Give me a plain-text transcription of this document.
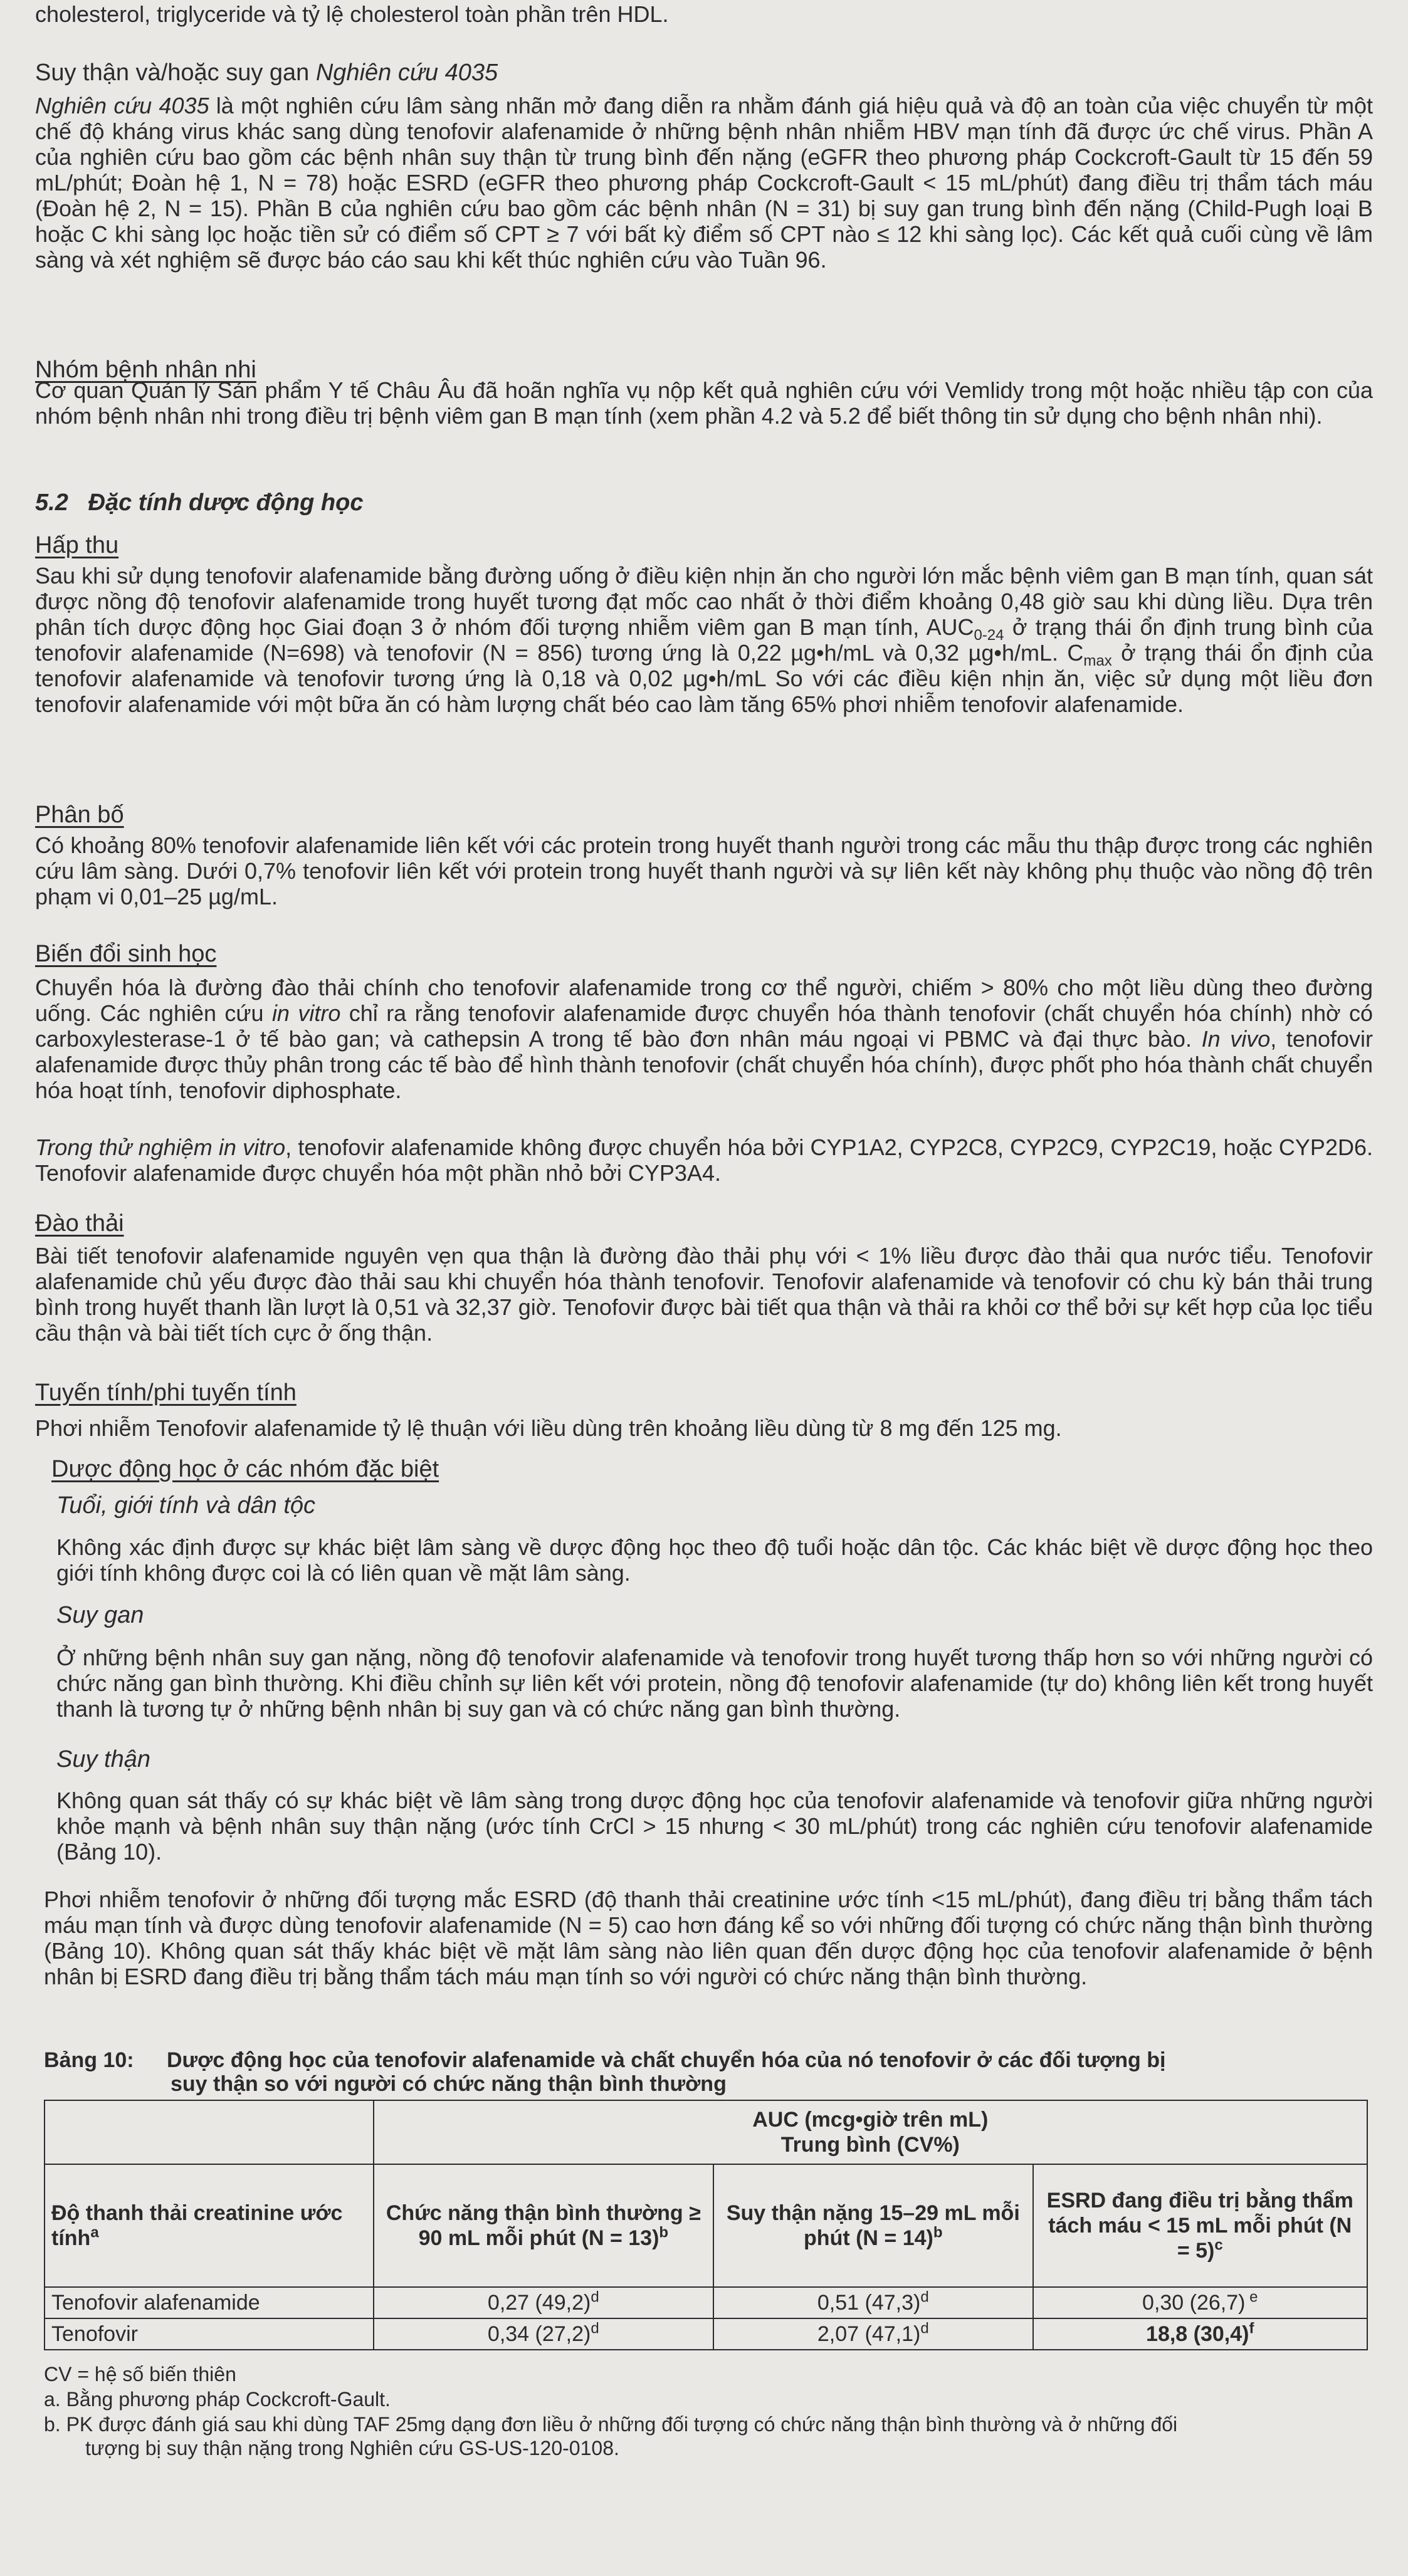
cholesterol, triglyceride và tỷ lệ cholesterol toàn phần trên HDL.

Suy thận và/hoặc suy gan Nghiên cứu 4035

Nghiên cứu 4035 là một nghiên cứu lâm sàng nhãn mở đang diễn ra nhằm đánh giá hiệu quả và độ an toàn của việc chuyển từ một chế độ kháng virus khác sang dùng tenofovir alafenamide ở những bệnh nhân nhiễm HBV mạn tính đã được ức chế virus. Phần A của nghiên cứu bao gồm các bệnh nhân suy thận từ trung bình đến nặng (eGFR theo phương pháp Cockcroft-Gault từ 15 đến 59 mL/phút; Đoàn hệ 1, N = 78) hoặc ESRD (eGFR theo phương pháp Cockcroft-Gault < 15 mL/phút) đang điều trị thẩm tách máu (Đoàn hệ 2, N = 15). Phần B của nghiên cứu bao gồm các bệnh nhân (N = 31) bị suy gan trung bình đến nặng (Child-Pugh loại B hoặc C khi sàng lọc hoặc tiền sử có điểm số CPT ≥ 7 với bất kỳ điểm số CPT nào ≤ 12 khi sàng lọc). Các kết quả cuối cùng về lâm sàng và xét nghiệm sẽ được báo cáo sau khi kết thúc nghiên cứu vào Tuần 96.

Nhóm bệnh nhân nhi

Cơ quan Quản lý Sản phẩm Y tế Châu Âu đã hoãn nghĩa vụ nộp kết quả nghiên cứu với Vemlidy trong một hoặc nhiều tập con của nhóm bệnh nhân nhi trong điều trị bệnh viêm gan B mạn tính (xem phần 4.2 và 5.2 để biết thông tin sử dụng cho bệnh nhân nhi).

5.2 Đặc tính dược động học

Hấp thu

Sau khi sử dụng tenofovir alafenamide bằng đường uống ở điều kiện nhịn ăn cho người lớn mắc bệnh viêm gan B mạn tính, quan sát được nồng độ tenofovir alafenamide trong huyết tương đạt mốc cao nhất ở thời điểm khoảng 0,48 giờ sau khi dùng liều. Dựa trên phân tích dược động học Giai đoạn 3 ở nhóm đối tượng nhiễm viêm gan B mạn tính, $AUC_{0-24}$ ở trạng thái ổn định trung bình của tenofovir alafenamide (N=698) và tenofovir (N = 856) tương ứng là 0,22 µg•h/mL và 0,32 µg•h/mL. $C_{max}$ ở trạng thái ổn định của tenofovir alafenamide và tenofovir tương ứng là 0,18 và 0,02 µg•h/mL So với các điều kiện nhịn ăn, việc sử dụng một liều đơn tenofovir alafenamide với một bữa ăn có hàm lượng chất béo cao làm tăng 65% phơi nhiễm tenofovir alafenamide.

Phân bố

Có khoảng 80% tenofovir alafenamide liên kết với các protein trong huyết thanh người trong các mẫu thu thập được trong các nghiên cứu lâm sàng. Dưới 0,7% tenofovir liên kết với protein trong huyết thanh người và sự liên kết này không phụ thuộc vào nồng độ trên phạm vi 0,01–25 µg/mL.

Biến đổi sinh học

Chuyển hóa là đường đào thải chính cho tenofovir alafenamide trong cơ thể người, chiếm > 80% cho một liều dùng theo đường uống. Các nghiên cứu in vitro chỉ ra rằng tenofovir alafenamide được chuyển hóa thành tenofovir (chất chuyển hóa chính) nhờ có carboxylesterase-1 ở tế bào gan; và cathepsin A trong tế bào đơn nhân máu ngoại vi PBMC và đại thực bào. In vivo, tenofovir alafenamide được thủy phân trong các tế bào để hình thành tenofovir (chất chuyển hóa chính), được phốt pho hóa thành chất chuyển hóa hoạt tính, tenofovir diphosphate.

Trong thử nghiệm in vitro, tenofovir alafenamide không được chuyển hóa bởi CYP1A2, CYP2C8, CYP2C9, CYP2C19, hoặc CYP2D6. Tenofovir alafenamide được chuyển hóa một phần nhỏ bởi CYP3A4.

Đào thải

Bài tiết tenofovir alafenamide nguyên vẹn qua thận là đường đào thải phụ với < 1% liều được đào thải qua nước tiểu. Tenofovir alafenamide chủ yếu được đào thải sau khi chuyển hóa thành tenofovir. Tenofovir alafenamide và tenofovir có chu kỳ bán thải trung bình trong huyết thanh lần lượt là 0,51 và 32,37 giờ. Tenofovir được bài tiết qua thận và thải ra khỏi cơ thể bởi sự kết hợp của lọc tiểu cầu thận và bài tiết tích cực ở ống thận.

Tuyến tính/phi tuyến tính

Phơi nhiễm Tenofovir alafenamide tỷ lệ thuận với liều dùng trên khoảng liều dùng từ 8 mg đến 125 mg.

Dược động học ở các nhóm đặc biệt

Tuổi, giới tính và dân tộc

Không xác định được sự khác biệt lâm sàng về dược động học theo độ tuổi hoặc dân tộc. Các khác biệt về dược động học theo giới tính không được coi là có liên quan về mặt lâm sàng.

Suy gan

Ở những bệnh nhân suy gan nặng, nồng độ tenofovir alafenamide và tenofovir trong huyết tương thấp hơn so với những người có chức năng gan bình thường. Khi điều chỉnh sự liên kết với protein, nồng độ tenofovir alafenamide (tự do) không liên kết trong huyết thanh là tương tự ở những bệnh nhân bị suy gan và có chức năng gan bình thường.

Suy thận

Không quan sát thấy có sự khác biệt về lâm sàng trong dược động học của tenofovir alafenamide và tenofovir giữa những người khỏe mạnh và bệnh nhân suy thận nặng (ước tính CrCl > 15 nhưng < 30 mL/phút) trong các nghiên cứu tenofovir alafenamide (Bảng 10).

Phơi nhiễm tenofovir ở những đối tượng mắc ESRD (độ thanh thải creatinine ước tính <15 mL/phút), đang điều trị bằng thẩm tách máu mạn tính và được dùng tenofovir alafenamide (N = 5) cao hơn đáng kể so với những đối tượng có chức năng thận bình thường (Bảng 10). Không quan sát thấy khác biệt về mặt lâm sàng nào liên quan đến dược động học của tenofovir alafenamide ở bệnh nhân bị ESRD đang điều trị bằng thẩm tách máu mạn tính so với người có chức năng thận bình thường.

Bảng 10: Dược động học của tenofovir alafenamide và chất chuyển hóa của nó tenofovir ở các đối tượng bị
suy thận so với người có chức năng thận bình thường

	AUC (mcg•giờ trên mL)
Trung bình (CV%)		

Độ thanh thải creatinine ước tính$^a$	Chức năng thận bình thường ≥ 90 mL mỗi phút (N = 13)$^b$	Suy thận nặng 15–29 mL mỗi phút (N = 14)$^b$	ESRD đang điều trị bằng thẩm tách máu < 15 mL mỗi phút (N = 5)$^c$
Tenofovir alafenamide	0,27 $(49,2)^d$	0,51 $(47,3)^d$	0,30 (26,7) $^e$
Tenofovir	0,34 $(27,2)^d$	2,07 $(47,1)^d$	18,8 $(30,4)^f$

CV = hệ số biến thiên

a. Bằng phương pháp Cockcroft-Gault.

b. PK được đánh giá sau khi dùng TAF 25mg dạng đơn liều ở những đối tượng có chức năng thận bình thường và ở những đối

tượng bị suy thận nặng trong Nghiên cứu GS-US-120-0108.
